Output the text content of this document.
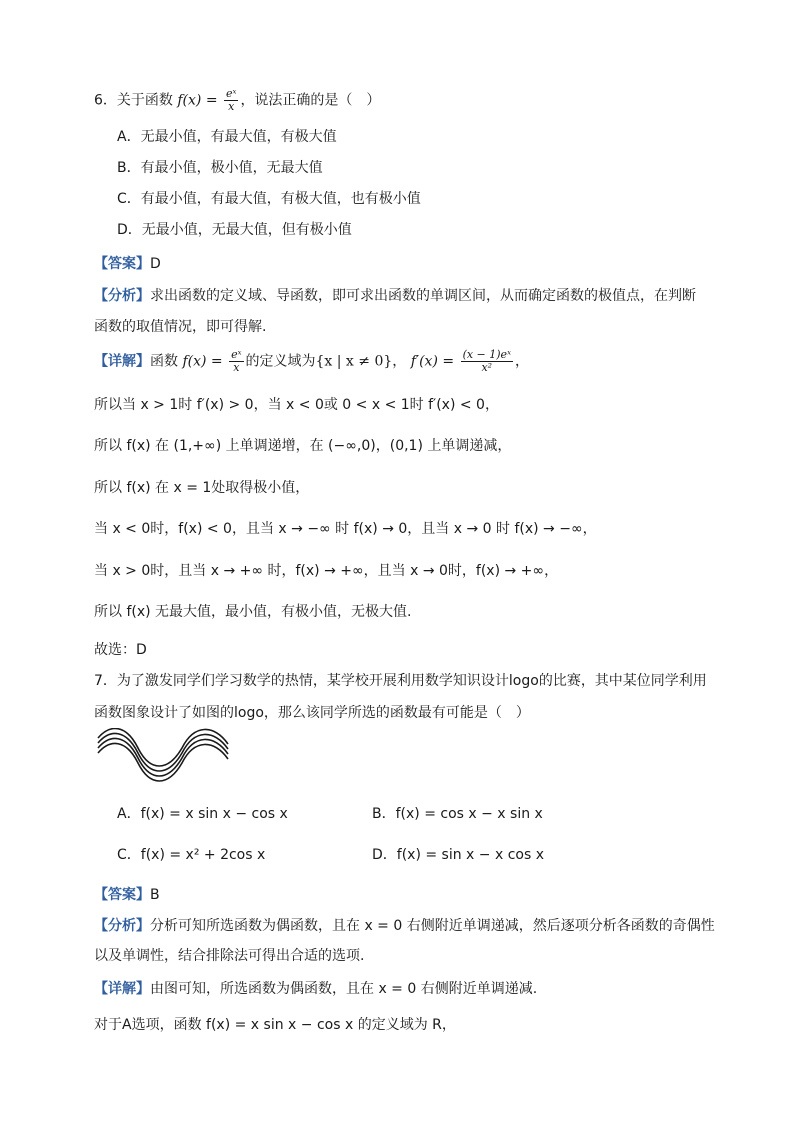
6．关于函数 $f(x) = \frac{\text{eˣ}}{x}$ ，说法正确的是（　）
A．无最小值，有最大值，有极大值
B．有最小值，极小值，无最大值
C．有最小值，有最大值，有极大值，也有极小值
D．无最小值，无最大值，但有极小值
【答案】D
【分析】求出函数的定义域、导函数，即可求出函数的单调区间，从而确定函数的极值点，在判断
函数的取值情况，即可得解.
【详解】函数 $f(x) = \frac{\text{eˣ}}{x}$ 的定义域为{x | x ≠ 0}， $f'(x) = \frac{\text{(x − 1)eˣ}}{\text{x²}}$ ，
所以当 x > 1时 f′(x) > 0，当 x < 0或 0 < x < 1时 f′(x) < 0，
所以 f(x) 在 (1,+∞) 上单调递增，在 (−∞,0)，(0,1) 上单调递减，
所以 f(x) 在 x = 1处取得极小值，
当 x < 0时，f(x) < 0，且当 x → −∞ 时 f(x) → 0，且当 x → 0 时 f(x) → −∞，
当 x > 0时，且当 x → +∞ 时，f(x) → +∞，且当 x → 0时，f(x) → +∞，
所以 f(x) 无最大值，最小值，有极小值，无极大值.
故选：D
7．为了激发同学们学习数学的热情，某学校开展利用数学知识设计logo的比赛，其中某位同学利用
函数图象设计了如图的logo，那么该同学所选的函数最有可能是（　）
A．f(x) = x sin x − cos x	B．f(x) = cos x − x sin x
C．f(x) = x² + 2cos x	D．f(x) = sin x − x cos x
【答案】B
【分析】分析可知所选函数为偶函数，且在 x = 0 右侧附近单调递减，然后逐项分析各函数的奇偶性
以及单调性，结合排除法可得出合适的选项.
【详解】由图可知，所选函数为偶函数，且在 x = 0 右侧附近单调递减.
对于A选项，函数 f(x) = x sin x − cos x 的定义域为 R，
